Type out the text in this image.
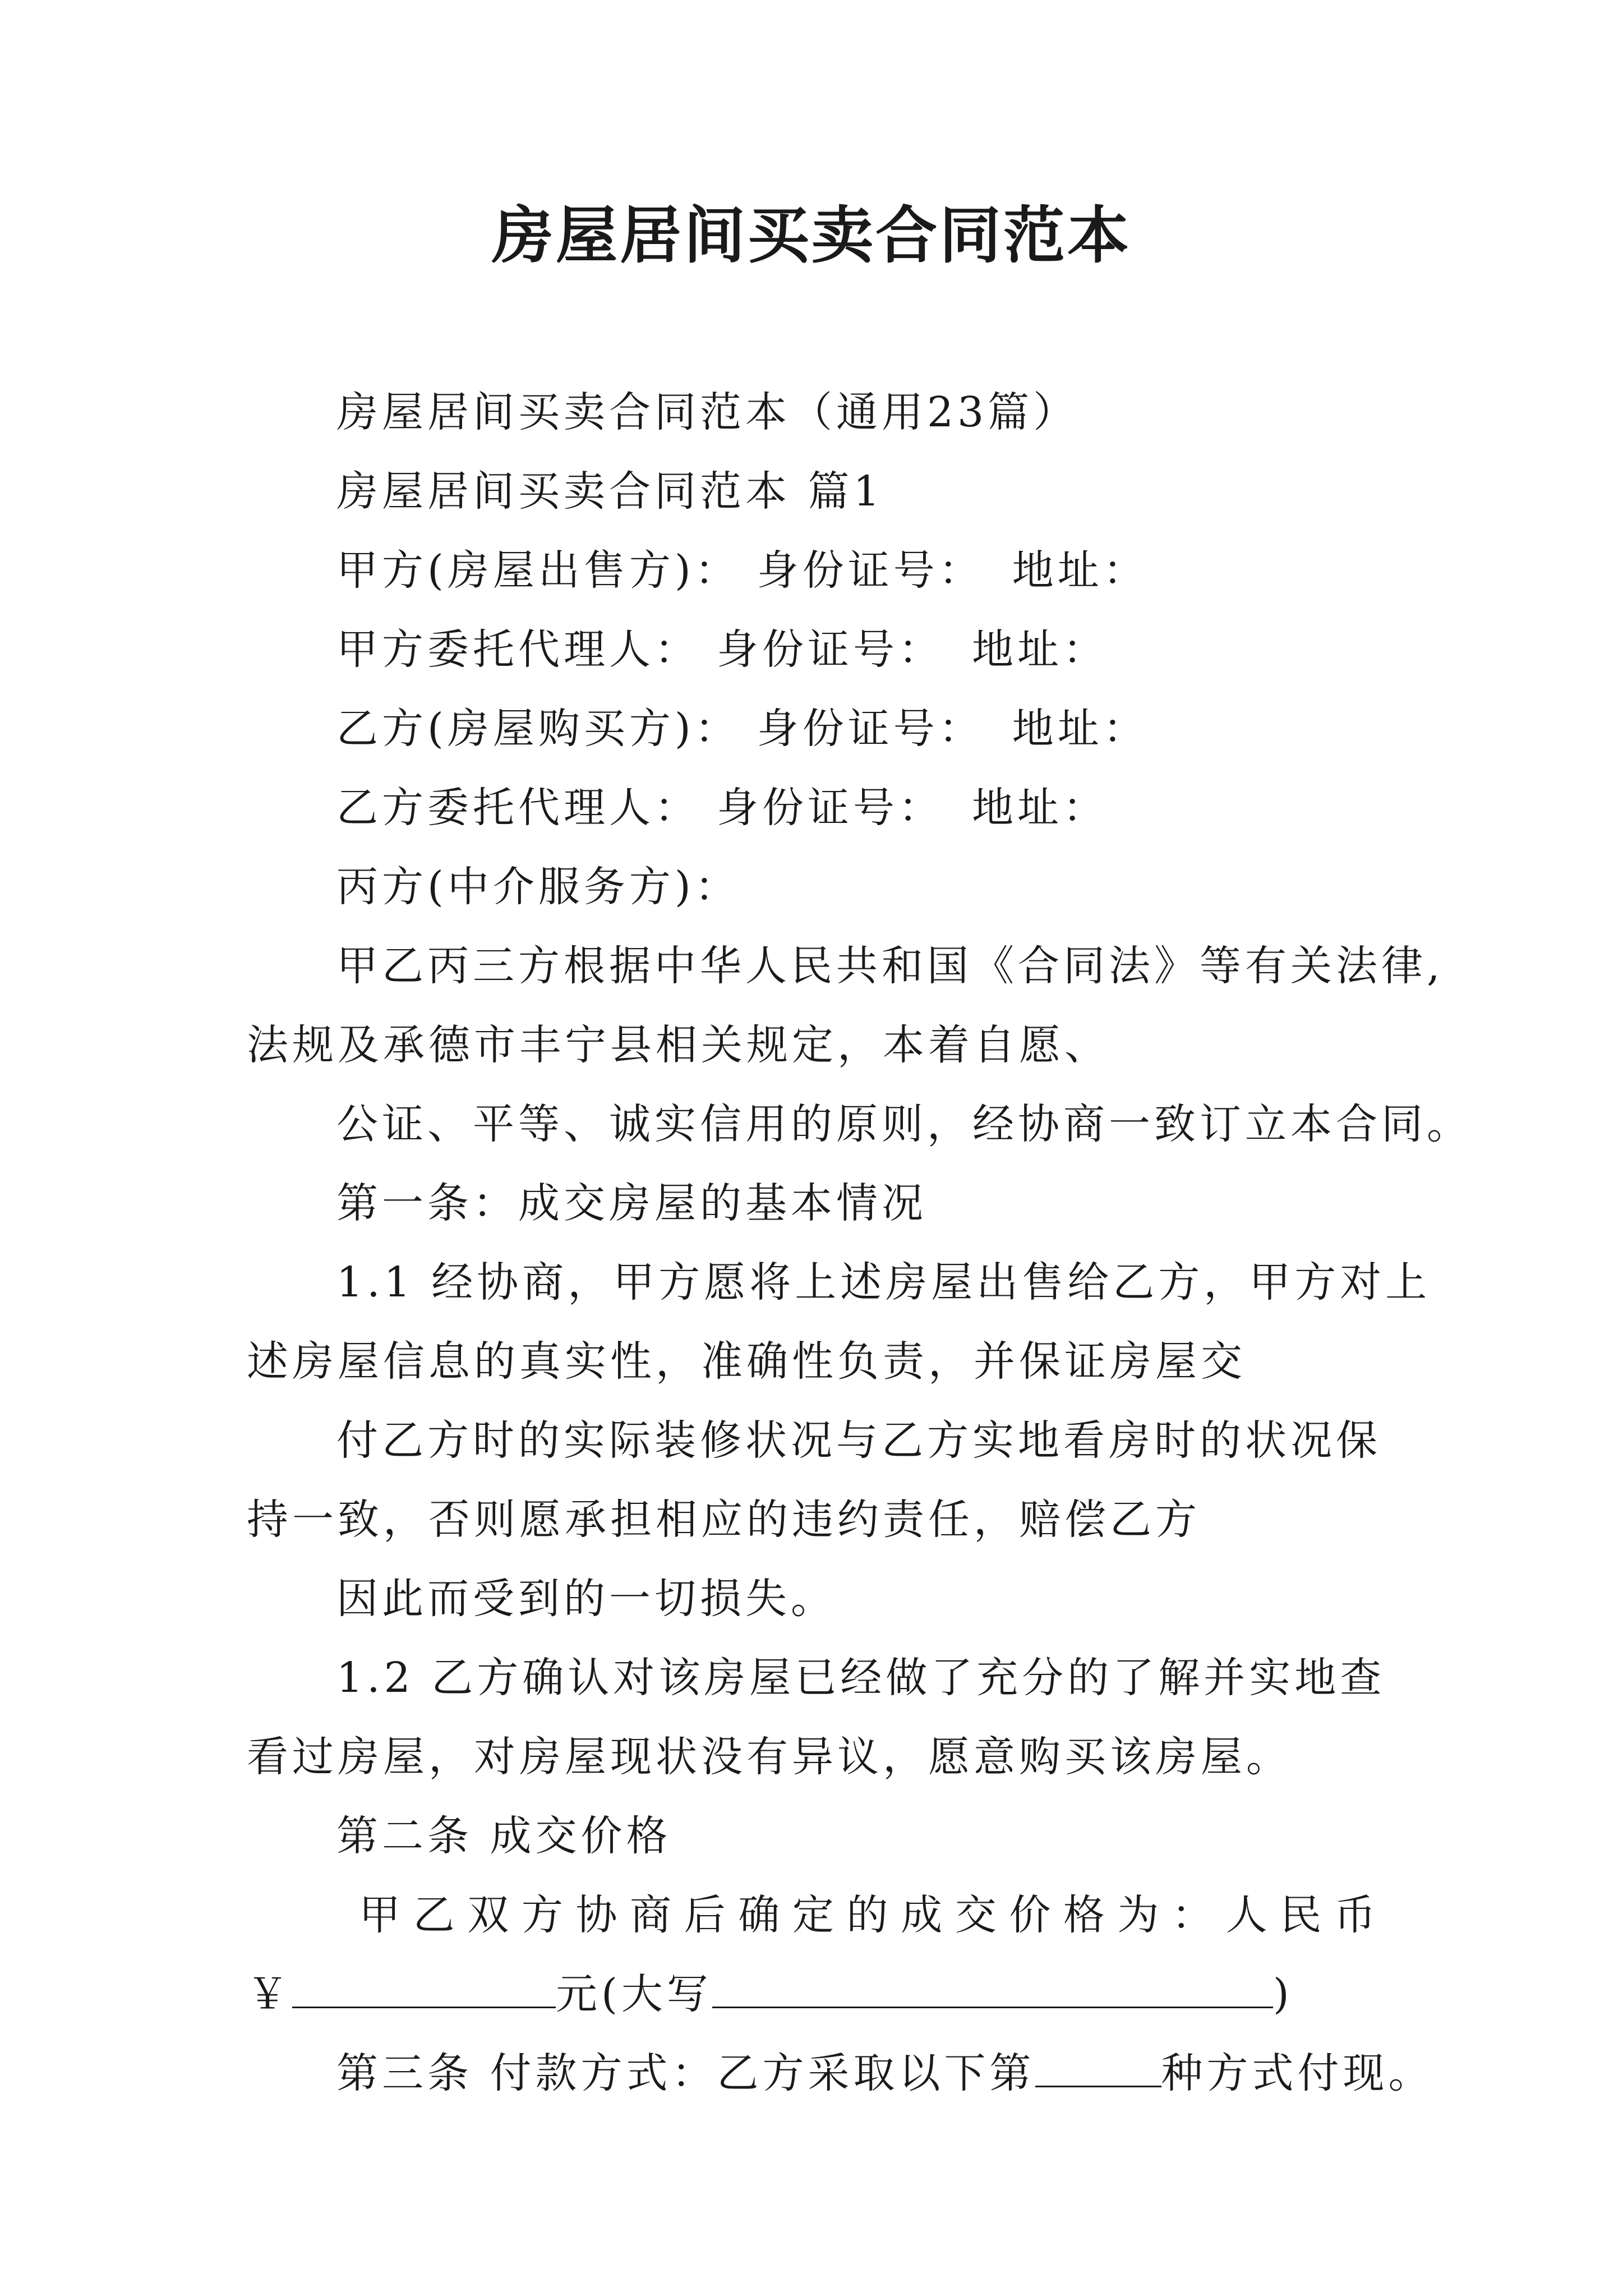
房屋居间买卖合同范本
房屋居间买卖合同范本（通用23篇）
房屋居间买卖合同范本 篇1
甲方(房屋出售方)： 身份证号： 地址：
甲方委托代理人： 身份证号： 地址：
乙方(房屋购买方)： 身份证号： 地址：
乙方委托代理人： 身份证号： 地址：
丙方(中介服务方)：
甲乙丙三方根据中华人民共和国《合同法》等有关法律,
法规及承德市丰宁县相关规定，本着自愿、
公证、平等、诚实信用的原则，经协商一致订立本合同。
第一条：成交房屋的基本情况
1.1 经协商，甲方愿将上述房屋出售给乙方，甲方对上
述房屋信息的真实性，准确性负责，并保证房屋交
付乙方时的实际装修状况与乙方实地看房时的状况保
持一致，否则愿承担相应的违约责任，赔偿乙方
因此而受到的一切损失。
1.2 乙方确认对该房屋已经做了充分的了解并实地查
看过房屋，对房屋现状没有异议，愿意购买该房屋。
第二条 成交价格
甲乙双方协商后确定的成交价格为：人民币
￥	元(大写	)
第三条 付款方式：乙方采取以下第	种方式付现。
